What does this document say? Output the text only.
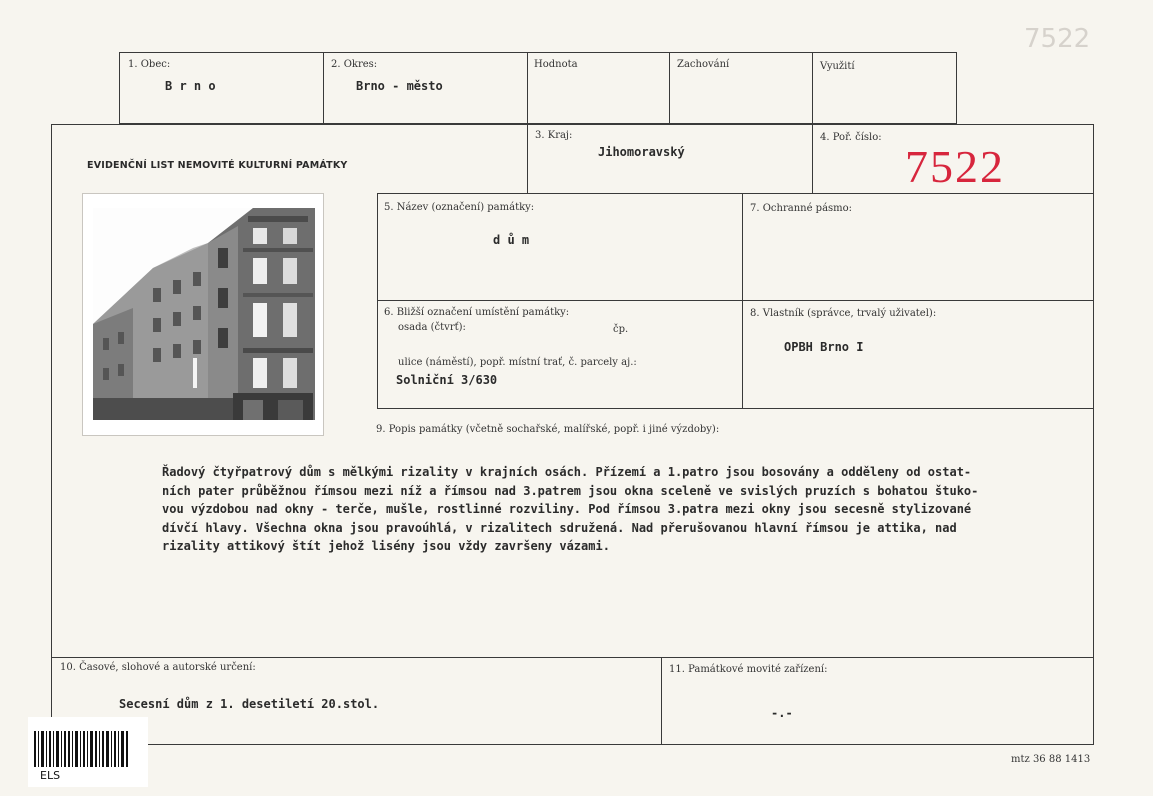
7522
1. Obec:
B r n o
2. Okres:
Brno - město
Hodnota	Zachování	Využití
EVIDENČNÍ LIST NEMOVITÉ KULTURNÍ PAMÁTKY
3. Kraj:
Jihomoravský
4. Poř. číslo:
7522
5. Název (označení) památky:
d ů m
7. Ochranné pásmo:
6. Bližší označení umístění památky:
osada (čtvrť):	čp.
ulice (náměstí), popř. místní trať, č. parcely aj.:
Solniční 3/630
8. Vlastník (správce, trvalý uživatel):
OPBH Brno I
9. Popis památky (včetně sochařské, malířské, popř. i jiné výzdoby):
Řadový čtyřpatrový dům s mělkými rizality v krajních osách. Přízemí a 1.patro jsou bosovány a odděleny od ostat-
ních pater průběžnou římsou mezi níž a římsou nad 3.patrem jsou okna sceleně ve svislých pruzích s bohatou štuko-
vou výzdobou nad okny - terče, mušle, rostlinné rozviliny. Pod římsou 3.patra mezi okny jsou secesně stylizované
dívčí hlavy. Všechna okna jsou pravoúhlá, v rizalitech sdružená. Nad přerušovanou hlavní římsou je attika, nad
rizality attikový štít jehož lisény jsou vždy završeny vázami.
10. Časové, slohové a autorské určení:
Secesní dům z 1. desetiletí 20.stol.
11. Památkové movité zařízení:
-.-
ELS
mtz 36 88 1413
